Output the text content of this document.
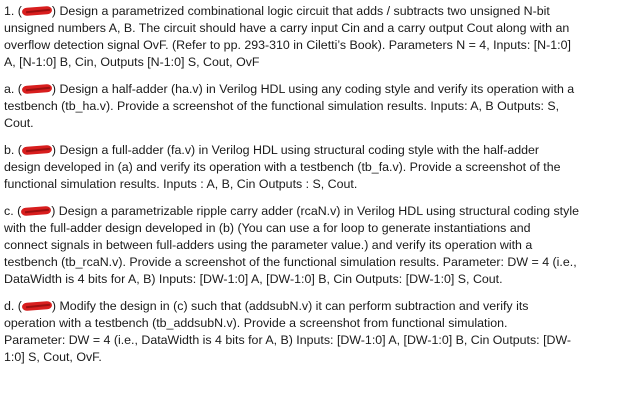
1. ( ) Design a parametrized combinational logic circuit that adds / subtracts two unsigned N-bit
unsigned numbers A, B. The circuit should have a carry input Cin and a carry output Cout along with an
overflow detection signal OvF. (Refer to pp. 293-310 in Ciletti’s Book). Parameters N = 4, Inputs: [N-1:0]
A, [N-1:0] B, Cin, Outputs [N-1:0] S, Cout, OvF

a. ( ) Design a half-adder (ha.v) in Verilog HDL using any coding style and verify its operation with a
testbench (tb_ha.v). Provide a screenshot of the functional simulation results. Inputs: A, B Outputs: S,
Cout.

b. ( ) Design a full-adder (fa.v) in Verilog HDL using structural coding style with the half-adder
design developed in (a) and verify its operation with a testbench (tb_fa.v). Provide a screenshot of the
functional simulation results. Inputs : A, B, Cin Outputs : S, Cout.

c. ( ) Design a parametrizable ripple carry adder (rcaN.v) in Verilog HDL using structural coding style
with the full-adder design developed in (b) (You can use a for loop to generate instantiations and
connect signals in between full-adders using the parameter value.) and verify its operation with a
testbench (tb_rcaN.v). Provide a screenshot of the functional simulation results. Parameter: DW = 4 (i.e.,
DataWidth is 4 bits for A, B) Inputs: [DW-1:0] A, [DW-1:0] B, Cin Outputs: [DW-1:0] S, Cout.

d. ( ) Modify the design in (c) such that (addsubN.v) it can perform subtraction and verify its
operation with a testbench (tb_addsubN.v). Provide a screenshot from functional simulation.
Parameter: DW = 4 (i.e., DataWidth is 4 bits for A, B) Inputs: [DW-1:0] A, [DW-1:0] B, Cin Outputs: [DW-
1:0] S, Cout, OvF.
